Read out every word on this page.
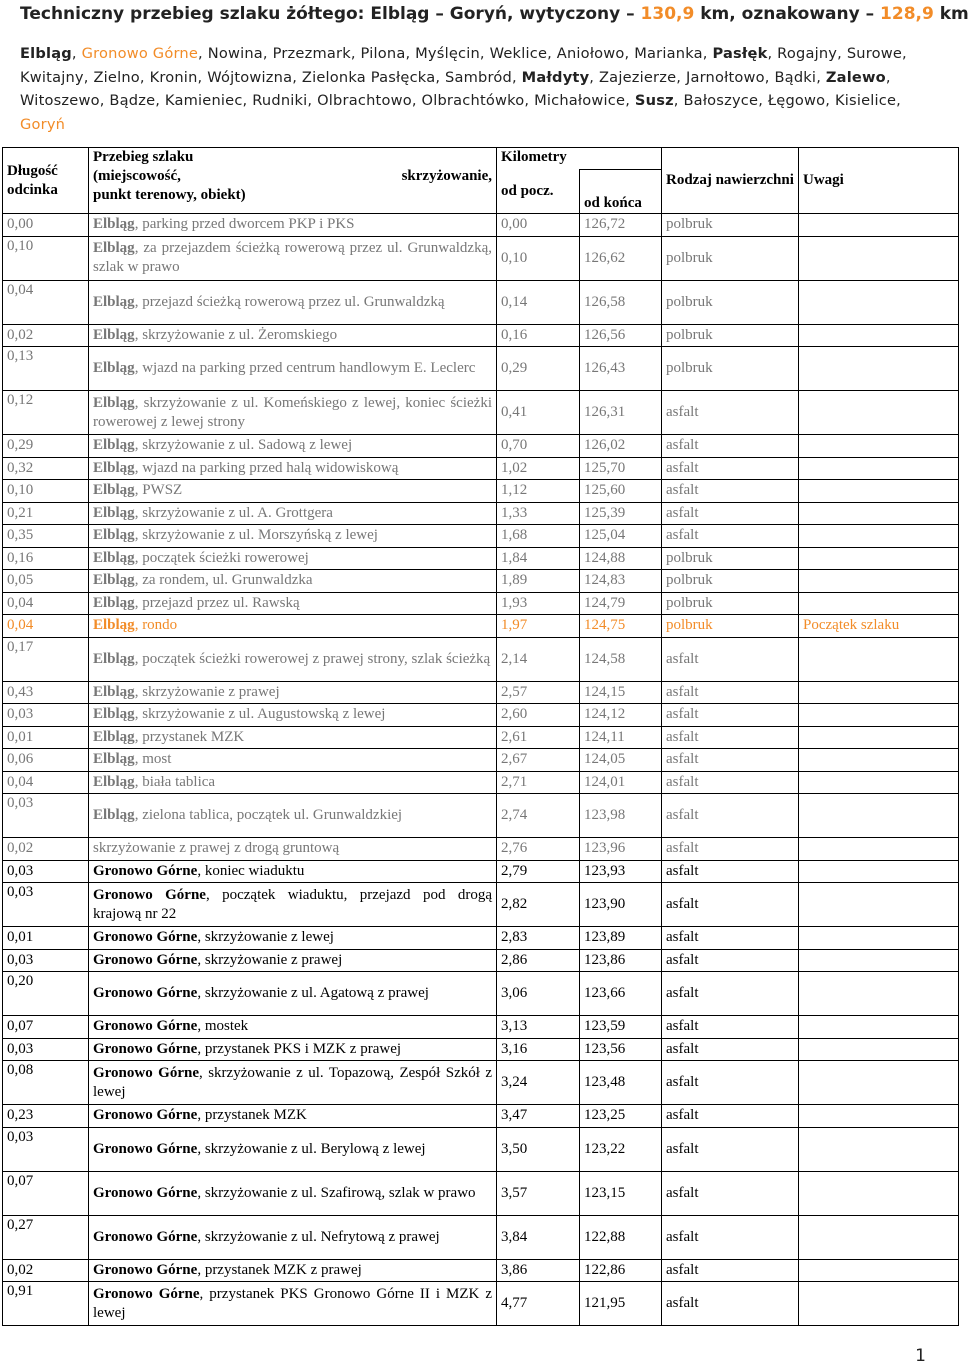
Techniczny przebieg szlaku żółtego: Elbląg – Goryń, wytyczony – 130,9 km, oznakowany – 128,9 km
Elbląg, Gronowo Górne, Nowina, Przezmark, Pilona, Myślęcin, Weklice, Aniołowo, Marianka, Pasłęk, Rogajny, Surowe, Kwitajny, Zielno, Kronin, Wójtowizna, Zielonka Pasłęcka, Sambród, Małdyty, Zajezierze, Jarnołtowo, Bądki, Zalewo, Witoszewo, Bądze, Kamieniec, Rudniki, Olbrachtowo, Olbrachtówko, Michałowice, Susz, Bałoszyce, Łęgowo, Kisielice, Goryń
Długość odcinka	Przebieg szlaku
(miejscowość, skrzyżowanie,
punkt terenowy, obiekt)	Kilometry		Rodzaj nawierzchni	Uwagi
		od pocz.	od końca		
0,00	Elbląg, parking przed dworcem PKP i PKS	0,00	126,72	polbruk	
0,10	Elbląg, za przejazdem ścieżką rowerową przez ul. Grunwaldzką, szlak w prawo	0,10	126,62	polbruk	
0,04	Elbląg, przejazd ścieżką rowerową przez ul. Grunwaldzką	0,14	126,58	polbruk	
0,02	Elbląg, skrzyżowanie z ul. Żeromskiego	0,16	126,56	polbruk	
0,13	Elbląg, wjazd na parking przed centrum handlowym E. Leclerc	0,29	126,43	polbruk	
0,12	Elbląg, skrzyżowanie z ul. Komeńskiego z lewej, koniec ścieżki rowerowej z lewej strony	0,41	126,31	asfalt	
0,29	Elbląg, skrzyżowanie z ul. Sadową z lewej	0,70	126,02	asfalt	
0,32	Elbląg, wjazd na parking przed halą widowiskową	1,02	125,70	asfalt	
0,10	Elbląg, PWSZ	1,12	125,60	asfalt	
0,21	Elbląg, skrzyżowanie z ul. A. Grottgera	1,33	125,39	asfalt	
0,35	Elbląg, skrzyżowanie z ul. Morszyńską z lewej	1,68	125,04	asfalt	
0,16	Elbląg, początek ścieżki rowerowej	1,84	124,88	polbruk	
0,05	Elbląg, za rondem, ul. Grunwaldzka	1,89	124,83	polbruk	
0,04	Elbląg, przejazd przez ul. Rawską	1,93	124,79	polbruk	
0,04	Elbląg, rondo	1,97	124,75	polbruk	Początek szlaku
0,17	Elbląg, początek ścieżki rowerowej z prawej strony, szlak ścieżką	2,14	124,58	asfalt	
0,43	Elbląg, skrzyżowanie z prawej	2,57	124,15	asfalt	
0,03	Elbląg, skrzyżowanie z ul. Augustowską z lewej	2,60	124,12	asfalt	
0,01	Elbląg, przystanek MZK	2,61	124,11	asfalt	
0,06	Elbląg, most	2,67	124,05	asfalt	
0,04	Elbląg, biała tablica	2,71	124,01	asfalt	
0,03	Elbląg, zielona tablica, początek ul. Grunwaldzkiej	2,74	123,98	asfalt	
0,02	skrzyżowanie z prawej z drogą gruntową	2,76	123,96	asfalt	
0,03	Gronowo Górne, koniec wiaduktu	2,79	123,93	asfalt	
0,03	Gronowo Górne, początek wiaduktu, przejazd pod drogą krajową nr 22	2,82	123,90	asfalt	
0,01	Gronowo Górne, skrzyżowanie z lewej	2,83	123,89	asfalt	
0,03	Gronowo Górne, skrzyżowanie z prawej	2,86	123,86	asfalt	
0,20	Gronowo Górne, skrzyżowanie z ul. Agatową z prawej	3,06	123,66	asfalt	
0,07	Gronowo Górne, mostek	3,13	123,59	asfalt	
0,03	Gronowo Górne, przystanek PKS i MZK z prawej	3,16	123,56	asfalt	
0,08	Gronowo Górne, skrzyżowanie z ul. Topazową, Zespół Szkół z lewej	3,24	123,48	asfalt	
0,23	Gronowo Górne, przystanek MZK	3,47	123,25	asfalt	
0,03	Gronowo Górne, skrzyżowanie z ul. Berylową z lewej	3,50	123,22	asfalt	
0,07	Gronowo Górne, skrzyżowanie z ul. Szafirową, szlak w prawo	3,57	123,15	asfalt	
0,27	Gronowo Górne, skrzyżowanie z ul. Nefrytową z prawej	3,84	122,88	asfalt	
0,02	Gronowo Górne, przystanek MZK z prawej	3,86	122,86	asfalt	
0,91	Gronowo Górne, przystanek PKS Gronowo Górne II i MZK z lewej	4,77	121,95	asfalt	
1
